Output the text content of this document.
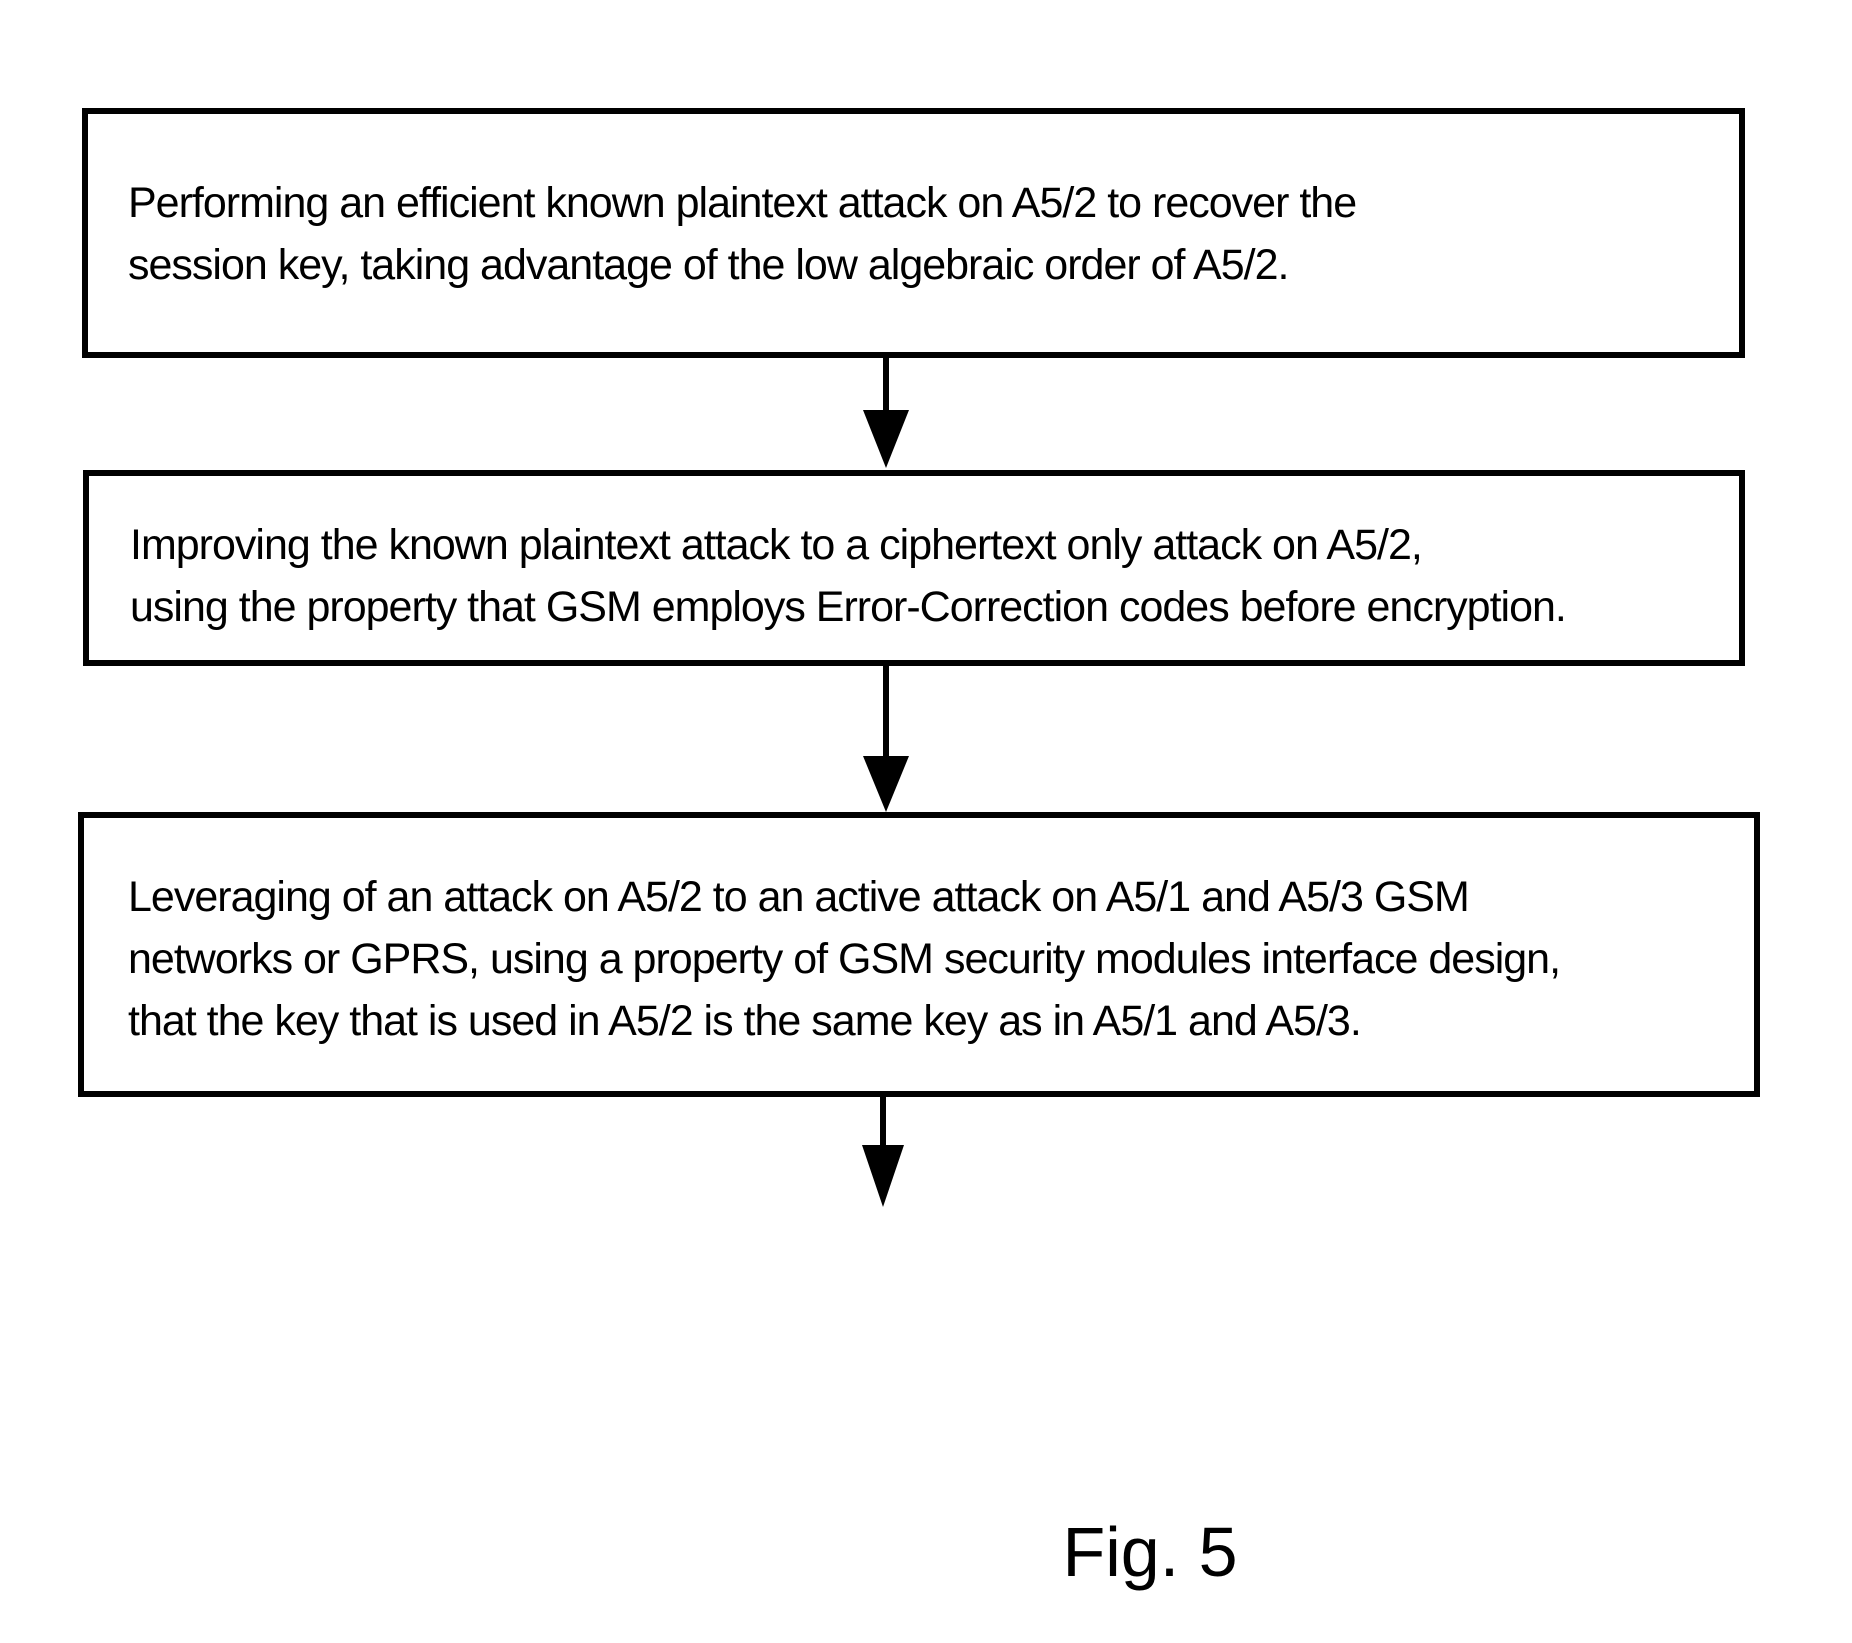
Performing an efficient known plaintext attack on A5/2 to recover the
session key, taking advantage of the low algebraic order of A5/2.
Improving the known plaintext attack to a ciphertext only attack on A5/2,
using the property that GSM employs Error-Correction codes before encryption.
Leveraging of an attack on A5/2 to an active attack on A5/1 and A5/3 GSM
networks or GPRS, using a property of GSM security modules interface design,
that the key that is used in A5/2 is the same key as in A5/1 and A5/3.
Fig. 5
